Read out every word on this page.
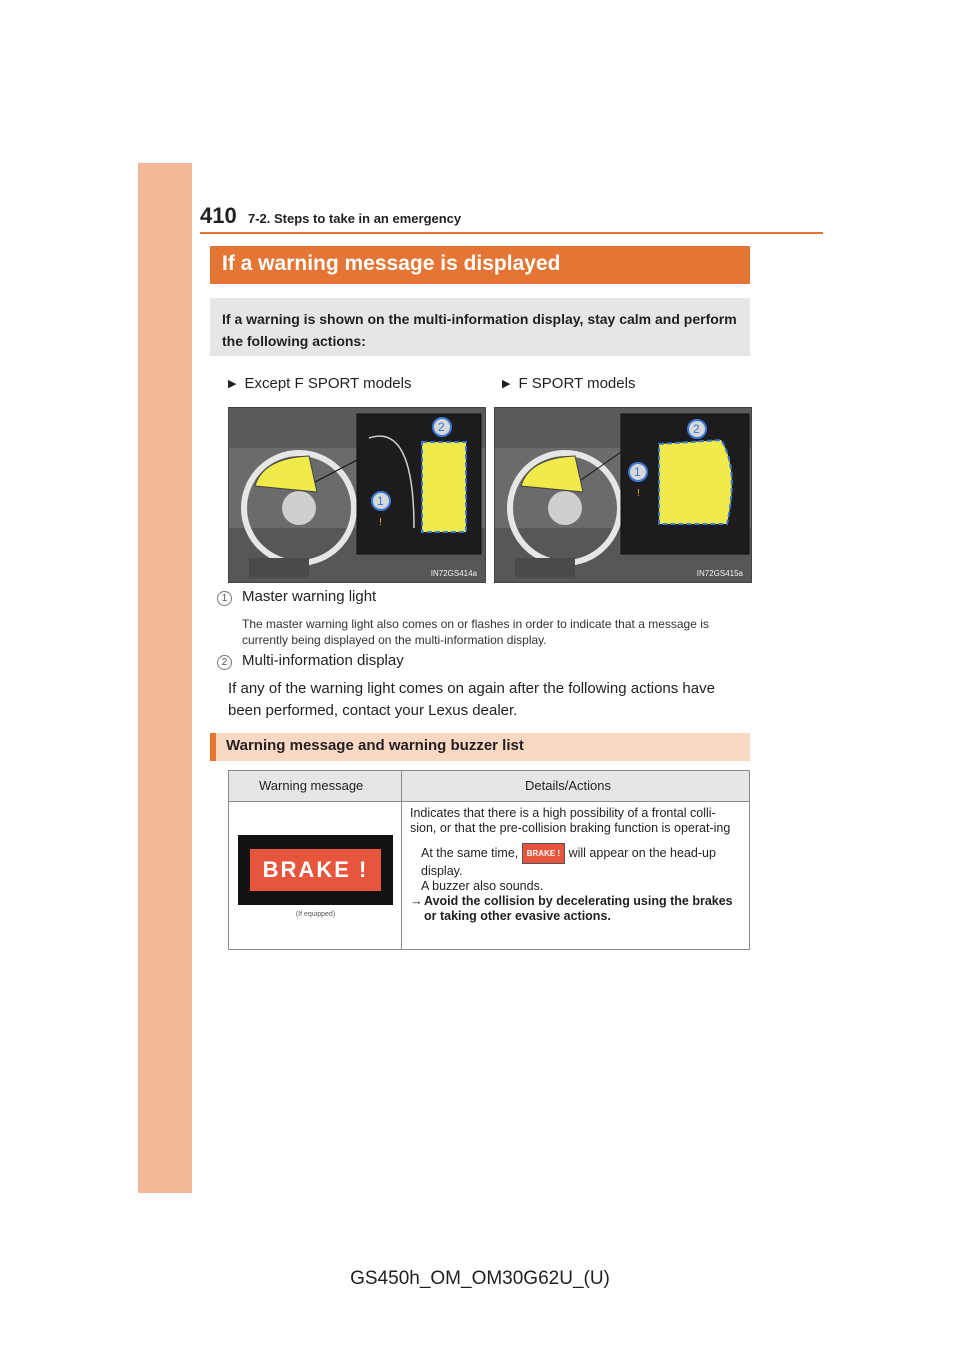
410 7-2. Steps to take in an emergency
If a warning message is displayed
If a warning is shown on the multi-information display, stay calm and perform the following actions:
▶ Except F SPORT models	▶ F SPORT models
!
2
1
IN72GS414a
!
2
1
IN72GS415a
1 Master warning light
The master warning light also comes on or flashes in order to indicate that a message is currently being displayed on the multi-information display.
2 Multi-information display
If any of the warning light comes on again after the following actions have been performed, contact your Lexus dealer.
Warning message and warning buzzer list
Warning message	Details/Actions
BRAKE !
(If equipped)
Indicates that there is a high possibility of a frontal colli-sion, or that the pre-collision braking function is operat-ing
At the same time, BRAKE ! will appear on the head-up display.
A buzzer also sounds.
→ Avoid the collision by decelerating using the brakes or taking other evasive actions.
GS450h_OM_OM30G62U_(U)
